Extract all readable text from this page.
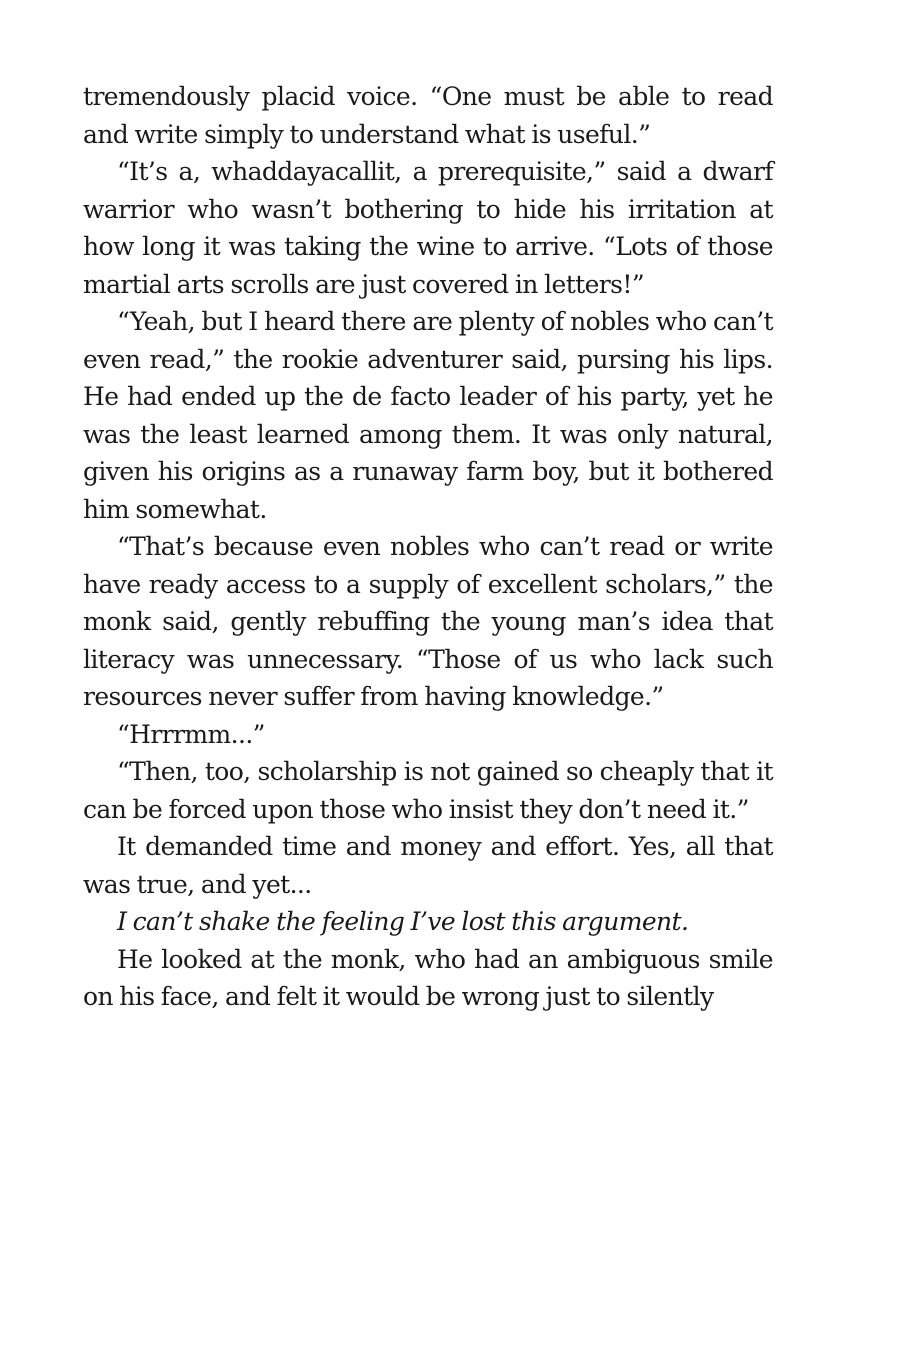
tremendously placid voice. “One must be able to read and write simply to understand what is useful.”

“It’s a, whaddayacallit, a prerequisite,” said a dwarf warrior who wasn’t bothering to hide his irritation at how long it was taking the wine to arrive. “Lots of those martial arts scrolls are just covered in letters!”

“Yeah, but I heard there are plenty of nobles who can’t even read,” the rookie adventurer said, pursing his lips. He had ended up the de facto leader of his party, yet he was the least learned among them. It was only natural, given his origins as a runaway farm boy, but it bothered him somewhat.

“That’s because even nobles who can’t read or write have ready access to a supply of excellent scholars,” the monk said, gently rebuffing the young man’s idea that literacy was unnecessary. “Those of us who lack such resources never suffer from having knowledge.”

“Hrrrmm...”

“Then, too, scholarship is not gained so cheaply that it can be forced upon those who insist they don’t need it.”

It demanded time and money and effort. Yes, all that was true, and yet...

I can’t shake the feeling I’ve lost this argument.

He looked at the monk, who had an ambiguous smile on his face, and felt it would be wrong just to silently
